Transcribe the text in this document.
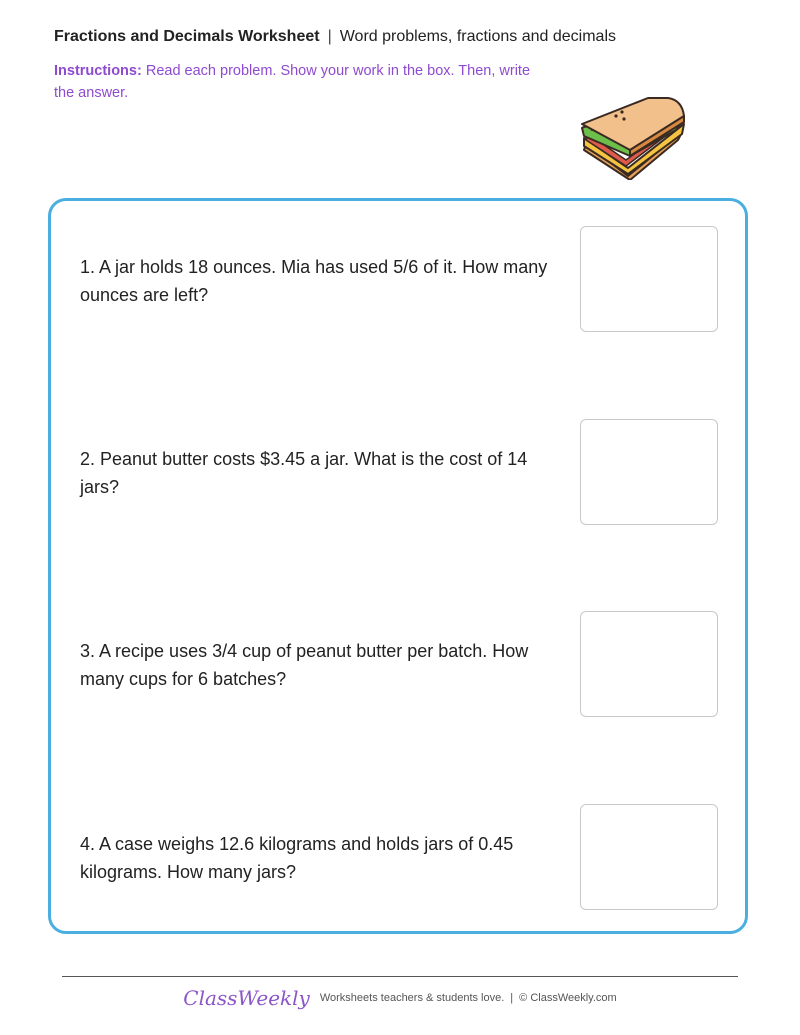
Fractions and Decimals Worksheet | Word problems, fractions and decimals
Instructions: Read each problem. Show your work in the box. Then, write the answer.
1. A jar holds 18 ounces. Mia has used 5/6 of it. How many ounces are left?
2. Peanut butter costs $3.45 a jar. What is the cost of 14 jars?
3. A recipe uses 3/4 cup of peanut butter per batch. How many cups for 6 batches?
4. A case weighs 12.6 kilograms and holds jars of 0.45 kilograms. How many jars?
ClassWeekly Worksheets teachers & students love. | © ClassWeekly.com
